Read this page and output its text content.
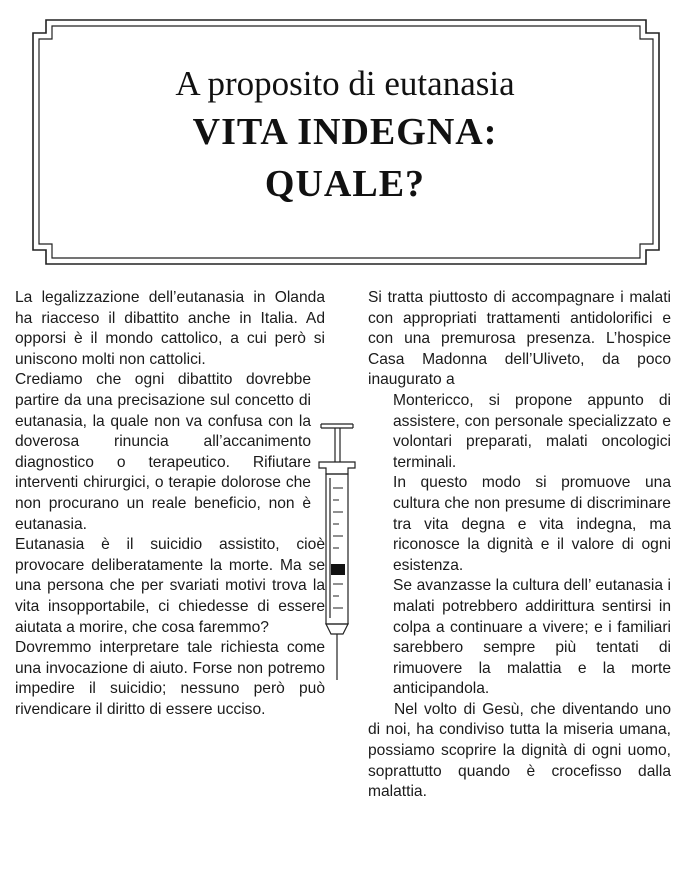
A proposito di eutanasia
VITA INDEGNA:
QUALE?

La legalizzazione dell’eutanasia in Olanda ha riacceso il dibattito anche in Italia. Ad opporsi è il mondo cattolico, a cui però si uniscono molti non cattolici.

Crediamo che ogni dibattito dovrebbe partire da una precisazione sul concetto di eutanasia, la quale non va confusa con la doverosa rinuncia all’accanimento diagnostico o terapeutico. Rifiutare interventi chirurgici, o terapie dolorose che non procurano un reale beneficio, non è eutanasia.

Eutanasia è il suicidio assistito, cioè provocare deliberatamente la morte. Ma se una persona che per svariati motivi trova la vita insopportabile, ci chiedesse di essere aiutata a morire, che cosa faremmo?

Dovremmo interpretare tale richiesta come una invocazione di aiuto. Forse non potremo impedire il suicidio; nessuno però può rivendicare il diritto di essere ucciso.

Si tratta piuttosto di accompagnare i malati con appropriati trattamenti antidolorifici e con una premurosa presenza. L’hospice Casa Madonna dell’Uliveto, da poco inaugurato a

Montericco, si propone appunto di assistere, con personale specializzato e volontari preparati, malati oncologici terminali.

In questo modo si promuove una cultura che non presume di discriminare tra vita degna e vita indegna, ma riconosce la dignità e il valore di ogni esistenza.

Se avanzasse la cultura dell’ eutanasia i malati potrebbero addirittura sentirsi in colpa a continuare a vivere; e i familiari sarebbero sempre più tentati di rimuovere la malattia e la morte anticipandola.

Nel volto di Gesù, che diventando uno di noi, ha condiviso tutta la miseria umana, possiamo scoprire la dignità di ogni uomo, soprattutto quando è crocefisso dalla malattia.
